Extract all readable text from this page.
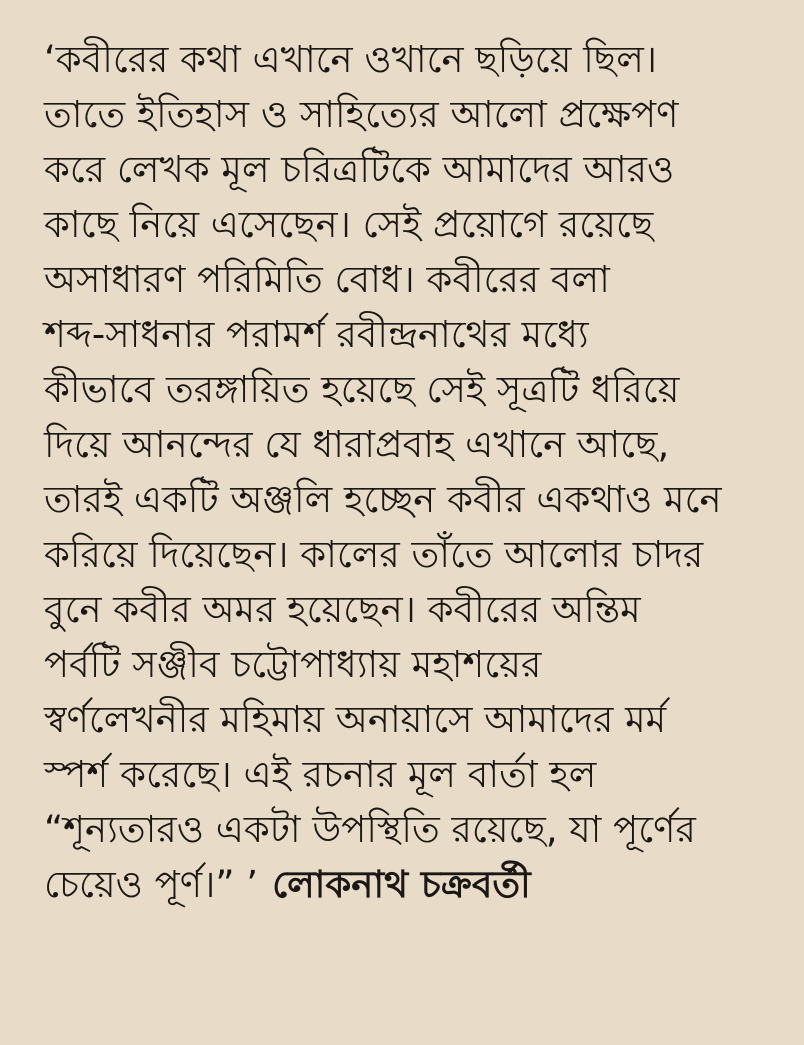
‘কবীরের কথা এখানে ওখানে ছড়িয়ে ছিল।
তাতে ইতিহাস ও সাহিত্যের আলো প্রক্ষেপণ
করে লেখক মূল চরিত্রটিকে আমাদের আরও
কাছে নিয়ে এসেছেন। সেই প্রয়োগে রয়েছে
অসাধারণ পরিমিতি বোধ। কবীরের বলা
শব্দ-সাধনার পরামর্শ রবীন্দ্রনাথের মধ্যে
কীভাবে তরঙ্গায়িত হয়েছে সেই সূত্রটি ধরিয়ে
দিয়ে আনন্দের যে ধারাপ্রবাহ এখানে আছে,
তারই একটি অঞ্জলি হচ্ছেন কবীর একথাও মনে
করিয়ে দিয়েছেন। কালের তাঁতে আলোর চাদর
বুনে কবীর অমর হয়েছেন। কবীরের অন্তিম
পর্বটি সঞ্জীব চট্টোপাধ্যায় মহাশয়ের
স্বর্ণলেখনীর মহিমায় অনায়াসে আমাদের মর্ম
স্পর্শ করেছে। এই রচনার মূল বার্তা হল
“শূন্যতারও একটা উপস্থিতি রয়েছে, যা পূর্ণের
চেয়েও পূর্ণ।” ’ লোকনাথ চক্রবর্তী
